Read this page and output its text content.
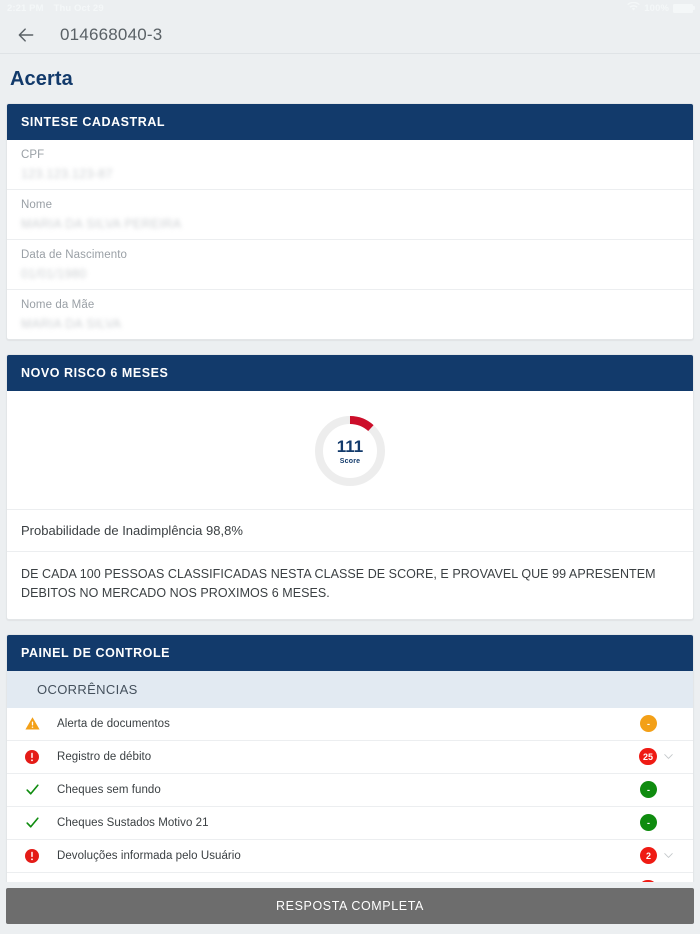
2:21 PM Thu Oct 29	100%
014668040-3
Acerta
SINTESE CADASTRAL
CPF
123.123.123-87
Nome
MARIA DA SILVA PEREIRA
Data de Nascimento
01/01/1980
Nome da Mãe
MARIA DA SILVA
NOVO RISCO 6 MESES
111
Score
Probabilidade de Inadimplência 98,8%
DE CADA 100 PESSOAS CLASSIFICADAS NESTA CLASSE DE SCORE, E PROVAVEL QUE 99 APRESENTEM DEBITOS NO MERCADO NOS PROXIMOS 6 MESES.
PAINEL DE CONTROLE
OCORRÊNCIAS
Alerta de documentos	-
Registro de débito	25
Cheques sem fundo	-
Cheques Sustados Motivo 21	-
Devoluções informada pelo Usuário	2
RESPOSTA COMPLETA
